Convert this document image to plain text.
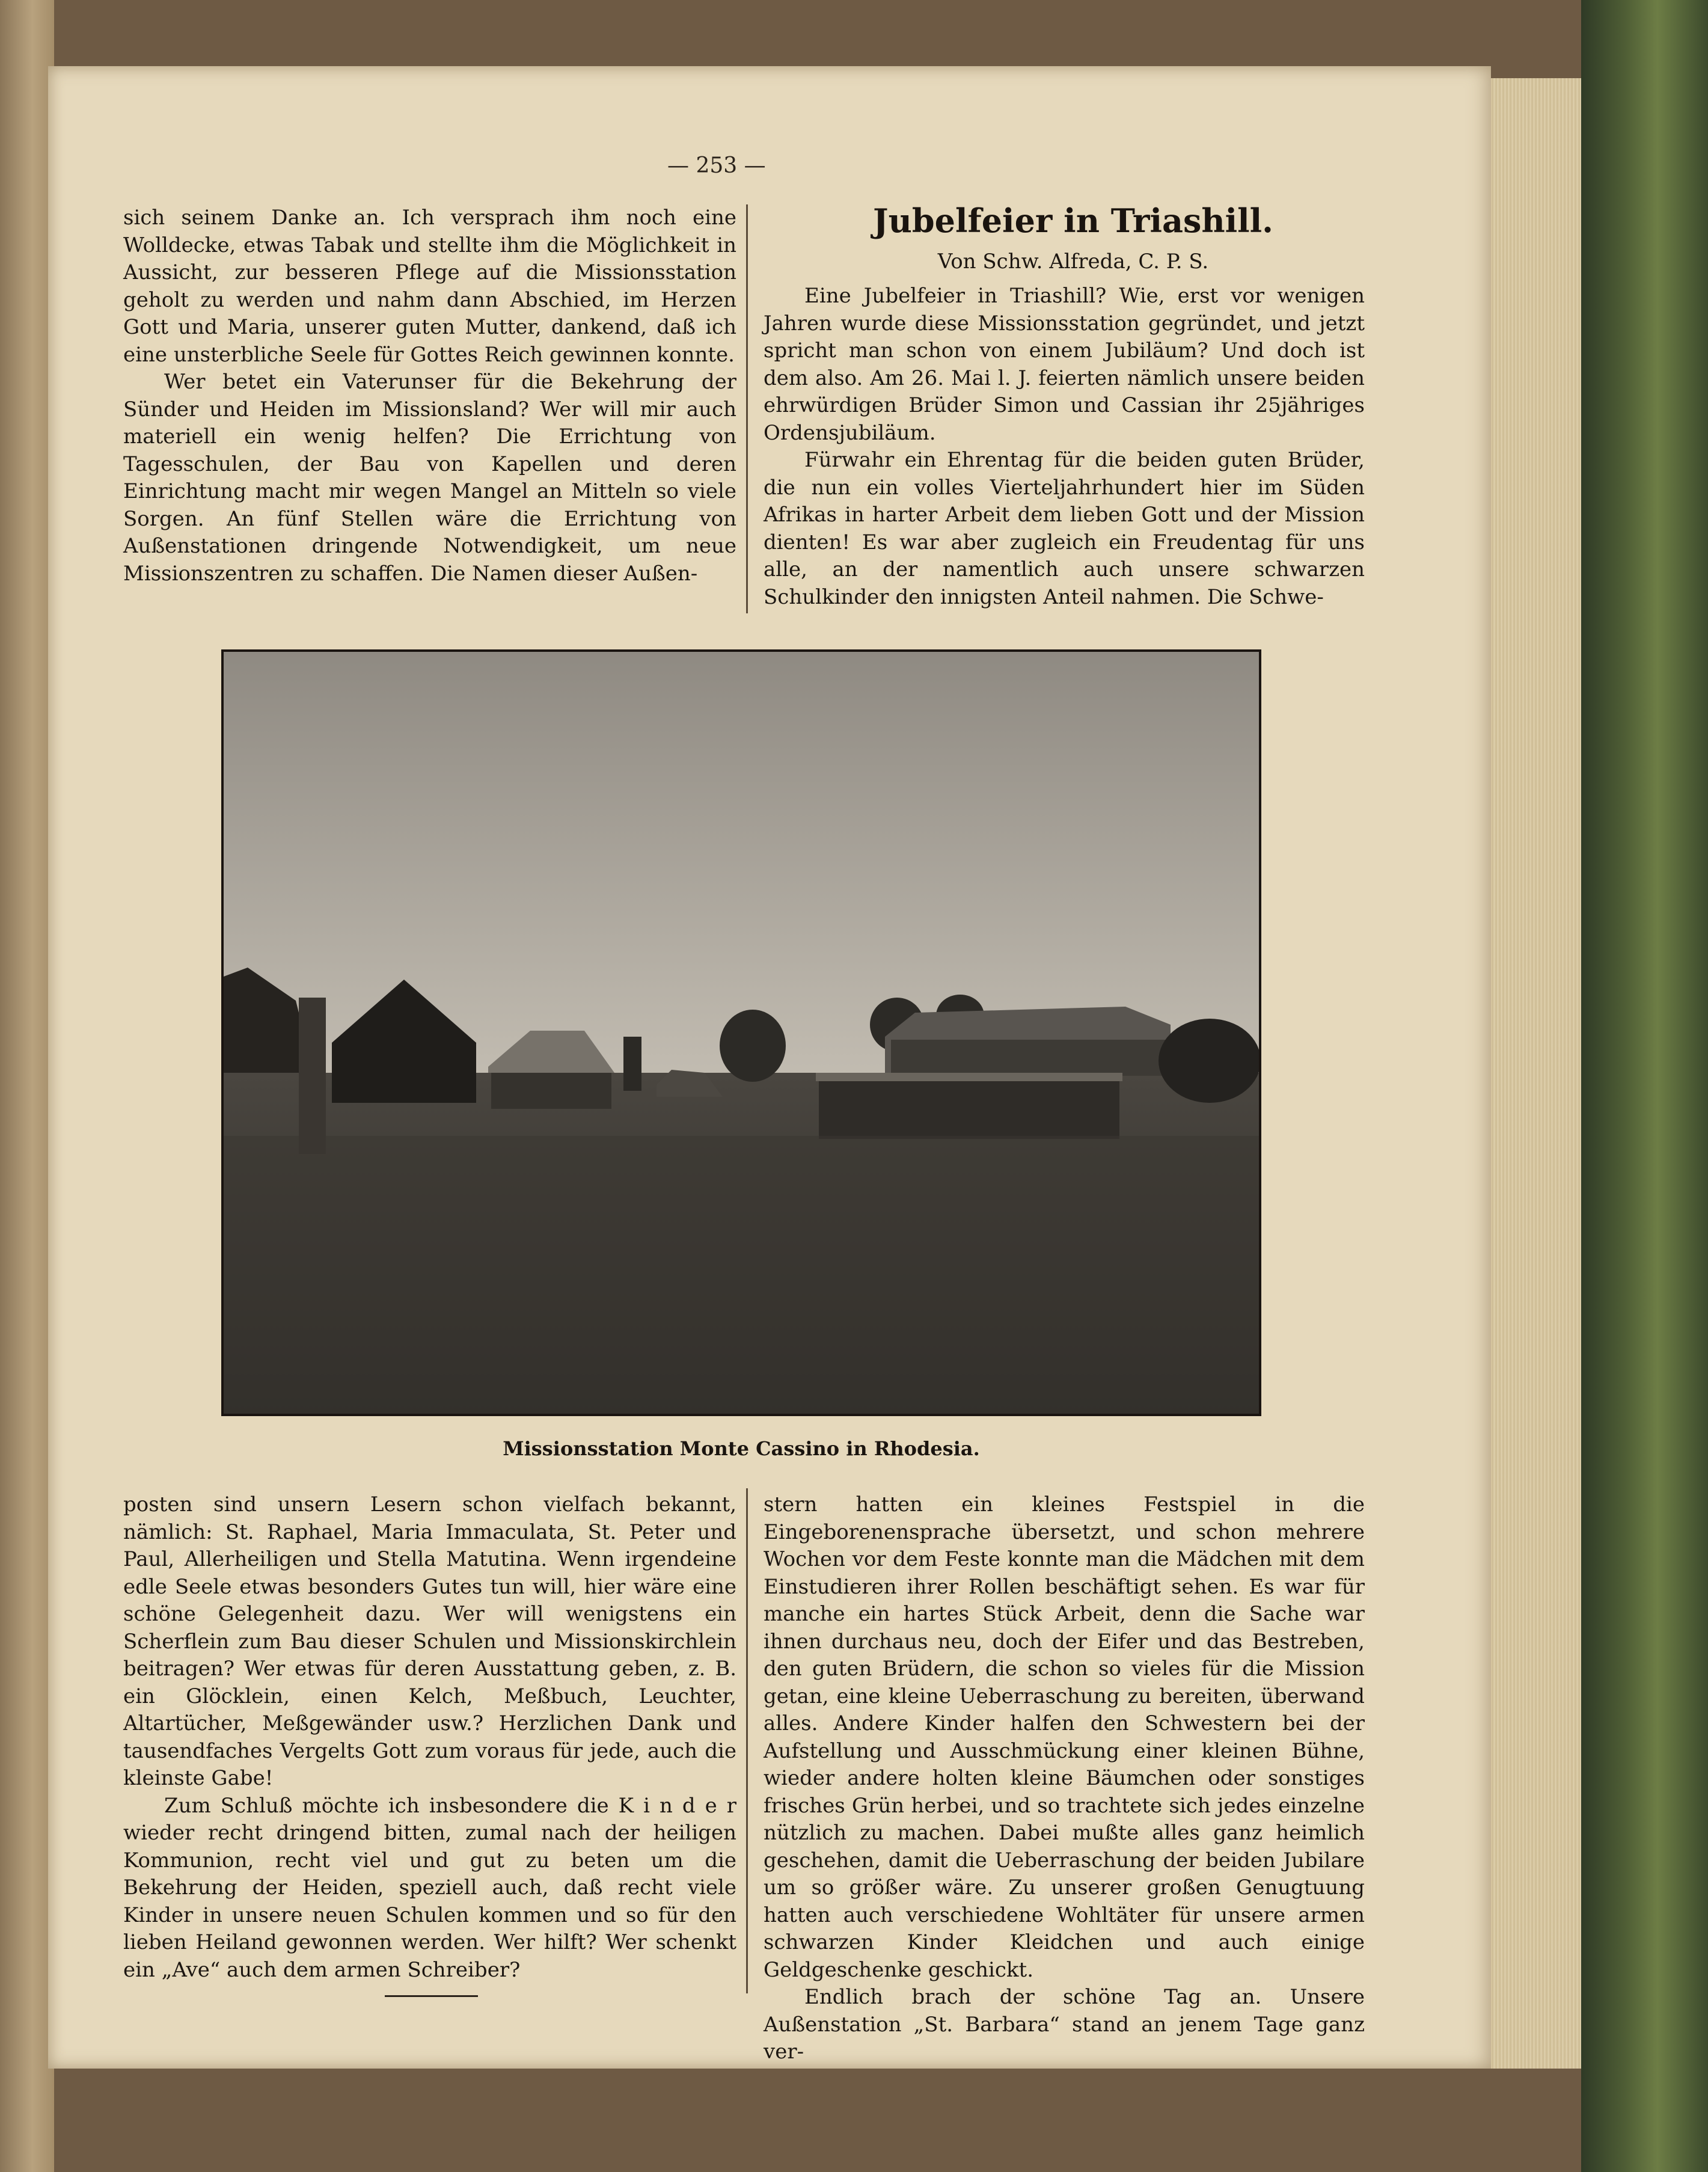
— 253 —

sich seinem Danke an. Ich versprach ihm noch eine Wolldecke, etwas Tabak und stellte ihm die Möglichkeit in Aussicht, zur besseren Pflege auf die Missionsstation geholt zu werden und nahm dann Abschied, im Herzen Gott und Maria, unserer guten Mutter, dankend, daß ich eine unsterbliche Seele für Gottes Reich gewinnen konnte.

Wer betet ein Vaterunser für die Bekehrung der Sünder und Heiden im Missionsland? Wer will mir auch materiell ein wenig helfen? Die Errichtung von Tagesschulen, der Bau von Kapellen und deren Einrichtung macht mir wegen Mangel an Mitteln so viele Sorgen. An fünf Stellen wäre die Errichtung von Außenstationen dringende Notwendigkeit, um neue Missionszentren zu schaffen. Die Namen dieser Außen-

Jubelfeier in Triashill.
Von Schw. Alfreda, C. P. S.

Eine Jubelfeier in Triashill? Wie, erst vor wenigen Jahren wurde diese Missionsstation gegründet, und jetzt spricht man schon von einem Jubiläum? Und doch ist dem also. Am 26. Mai l. J. feierten nämlich unsere beiden ehrwürdigen Brüder Simon und Cassian ihr 25jähriges Ordensjubiläum.

Fürwahr ein Ehrentag für die beiden guten Brüder, die nun ein volles Vierteljahrhundert hier im Süden Afrikas in harter Arbeit dem lieben Gott und der Mission dienten! Es war aber zugleich ein Freudentag für uns alle, an der namentlich auch unsere schwarzen Schulkinder den innigsten Anteil nahmen. Die Schwe-

Missionsstation Monte Cassino in Rhodesia.

posten sind unsern Lesern schon vielfach bekannt, nämlich: St. Raphael, Maria Immaculata, St. Peter und Paul, Allerheiligen und Stella Matutina. Wenn irgendeine edle Seele etwas besonders Gutes tun will, hier wäre eine schöne Gelegenheit dazu. Wer will wenigstens ein Scherflein zum Bau dieser Schulen und Missionskirchlein beitragen? Wer etwas für deren Ausstattung geben, z. B. ein Glöcklein, einen Kelch, Meßbuch, Leuchter, Altartücher, Meßgewänder usw.? Herzlichen Dank und tausendfaches Vergelts Gott zum voraus für jede, auch die kleinste Gabe!

Zum Schluß möchte ich insbesondere die K i n d e r wieder recht dringend bitten, zumal nach der heiligen Kommunion, recht viel und gut zu beten um die Bekehrung der Heiden, speziell auch, daß recht viele Kinder in unsere neuen Schulen kommen und so für den lieben Heiland gewonnen werden. Wer hilft? Wer schenkt ein „Ave“ auch dem armen Schreiber?

stern hatten ein kleines Festspiel in die Eingeborenensprache übersetzt, und schon mehrere Wochen vor dem Feste konnte man die Mädchen mit dem Einstudieren ihrer Rollen beschäftigt sehen. Es war für manche ein hartes Stück Arbeit, denn die Sache war ihnen durchaus neu, doch der Eifer und das Bestreben, den guten Brüdern, die schon so vieles für die Mission getan, eine kleine Ueberraschung zu bereiten, überwand alles. Andere Kinder halfen den Schwestern bei der Aufstellung und Ausschmückung einer kleinen Bühne, wieder andere holten kleine Bäumchen oder sonstiges frisches Grün herbei, und so trachtete sich jedes einzelne nützlich zu machen. Dabei mußte alles ganz heimlich geschehen, damit die Ueberraschung der beiden Jubilare um so größer wäre. Zu unserer großen Genugtuung hatten auch verschiedene Wohltäter für unsere armen schwarzen Kinder Kleidchen und auch einige Geldgeschenke geschickt.

Endlich brach der schöne Tag an. Unsere Außenstation „St. Barbara“ stand an jenem Tage ganz ver-
